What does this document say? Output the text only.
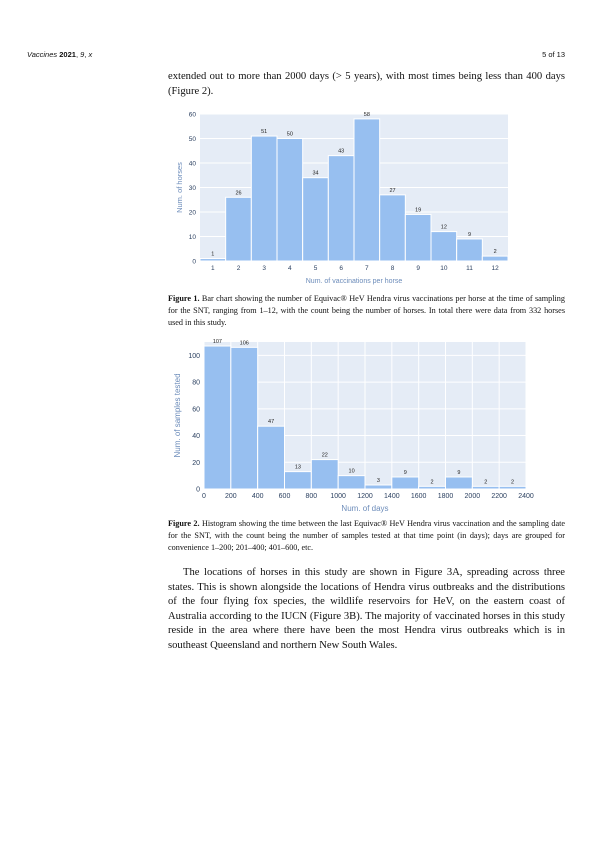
Vaccines 2021, 9, x	5 of 13
extended out to more than 2000 days (> 5 years), with most times being less than 400 days (Figure 2).
0
10
20
30
40
50
60
1
1
26
2
51
3
50
4
34
5
43
6
58
7
27
8
19
9
12
10
9
11
2
12
Num. of vaccinations per horse
Num. of horses
Figure 1. Bar chart showing the number of Equivac® HeV Hendra virus vaccinations per horse at the time of sampling for the SNT, ranging from 1–12, with the count being the number of horses. In total there were data from 332 horses used in this study.
0
20
40
60
80
100
0	200 400 600 800 1000 1200 1400 1600 1800 2000 2200 2400
107	106
47
13
22
10
3
9
2
9
2	2
Num. of days
Num. of samples tested
Figure 2. Histogram showing the time between the last Equivac® HeV Hendra virus vaccination and the sampling date for the SNT, with the count being the number of samples tested at that time point (in days); days are grouped for convenience 1–200; 201–400; 401–600, etc.
The locations of horses in this study are shown in Figure 3A, spreading across three states. This is shown alongside the locations of Hendra virus outbreaks and the distributions of the four flying fox species, the wildlife reservoirs for HeV, on the eastern coast of Australia according to the IUCN (Figure 3B). The majority of vaccinated horses in this study reside in the area where there have been the most Hendra virus outbreaks which is in southeast Queensland and northern New South Wales.
